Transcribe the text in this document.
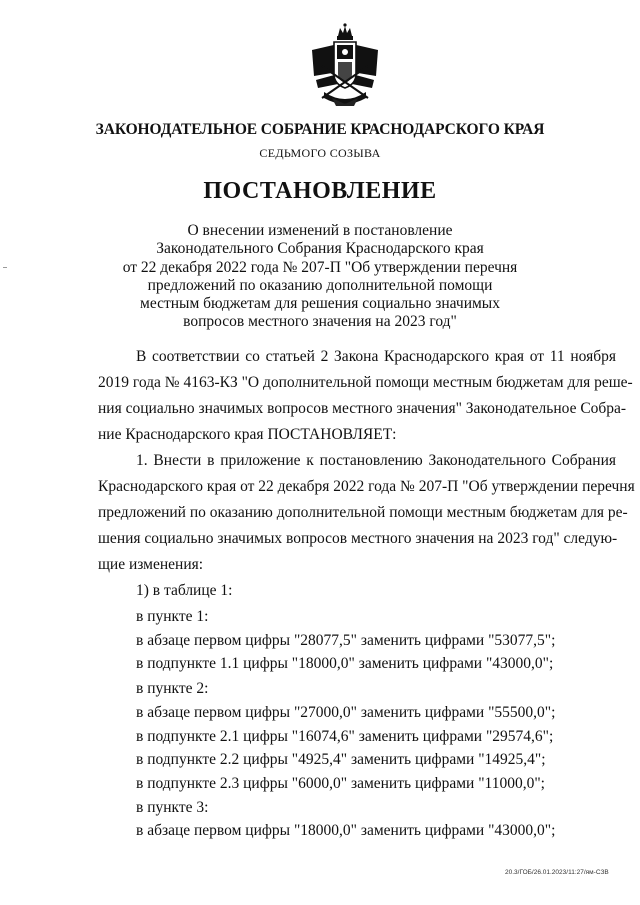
ЗАКОНОДАТЕЛЬНОЕ СОБРАНИЕ КРАСНОДАРСКОГО КРАЯ
СЕДЬМОГО СОЗЫВА
ПОСТАНОВЛЕНИЕ
О внесении изменений в постановление
Законодательного Собрания Краснодарского края
от 22 декабря 2022 года № 207-П "Об утверждении перечня
предложений по оказанию дополнительной помощи
местным бюджетам для решения социально значимых
вопросов местного значения на 2023 год"
В соответствии со статьей 2 Закона Краснодарского края от 11 ноября
2019 года № 4163-КЗ "О дополнительной помощи местным бюджетам для реше-
ния социально значимых вопросов местного значения" Законодательное Собра-
ние Краснодарского края ПОСТАНОВЛЯЕТ:
1. Внести в приложение к постановлению Законодательного Собрания
Краснодарского края от 22 декабря 2022 года № 207-П "Об утверждении перечня
предложений по оказанию дополнительной помощи местным бюджетам для ре-
шения социально значимых вопросов местного значения на 2023 год" следую-
щие изменения:
1) в таблице 1:
в пункте 1:
в абзаце первом цифры "28077,5" заменить цифрами "53077,5";
в подпункте 1.1 цифры "18000,0" заменить цифрами "43000,0";
в пункте 2:
в абзаце первом цифры "27000,0" заменить цифрами "55500,0";
в подпункте 2.1 цифры "16074,6" заменить цифрами "29574,6";
в подпункте 2.2 цифры "4925,4" заменить цифрами "14925,4";
в подпункте 2.3 цифры "6000,0" заменить цифрами "11000,0";
в пункте 3:
в абзаце первом цифры "18000,0" заменить цифрами "43000,0";
20.3/ГОБ/26.01.2023/11:27/ям-СЗВ
